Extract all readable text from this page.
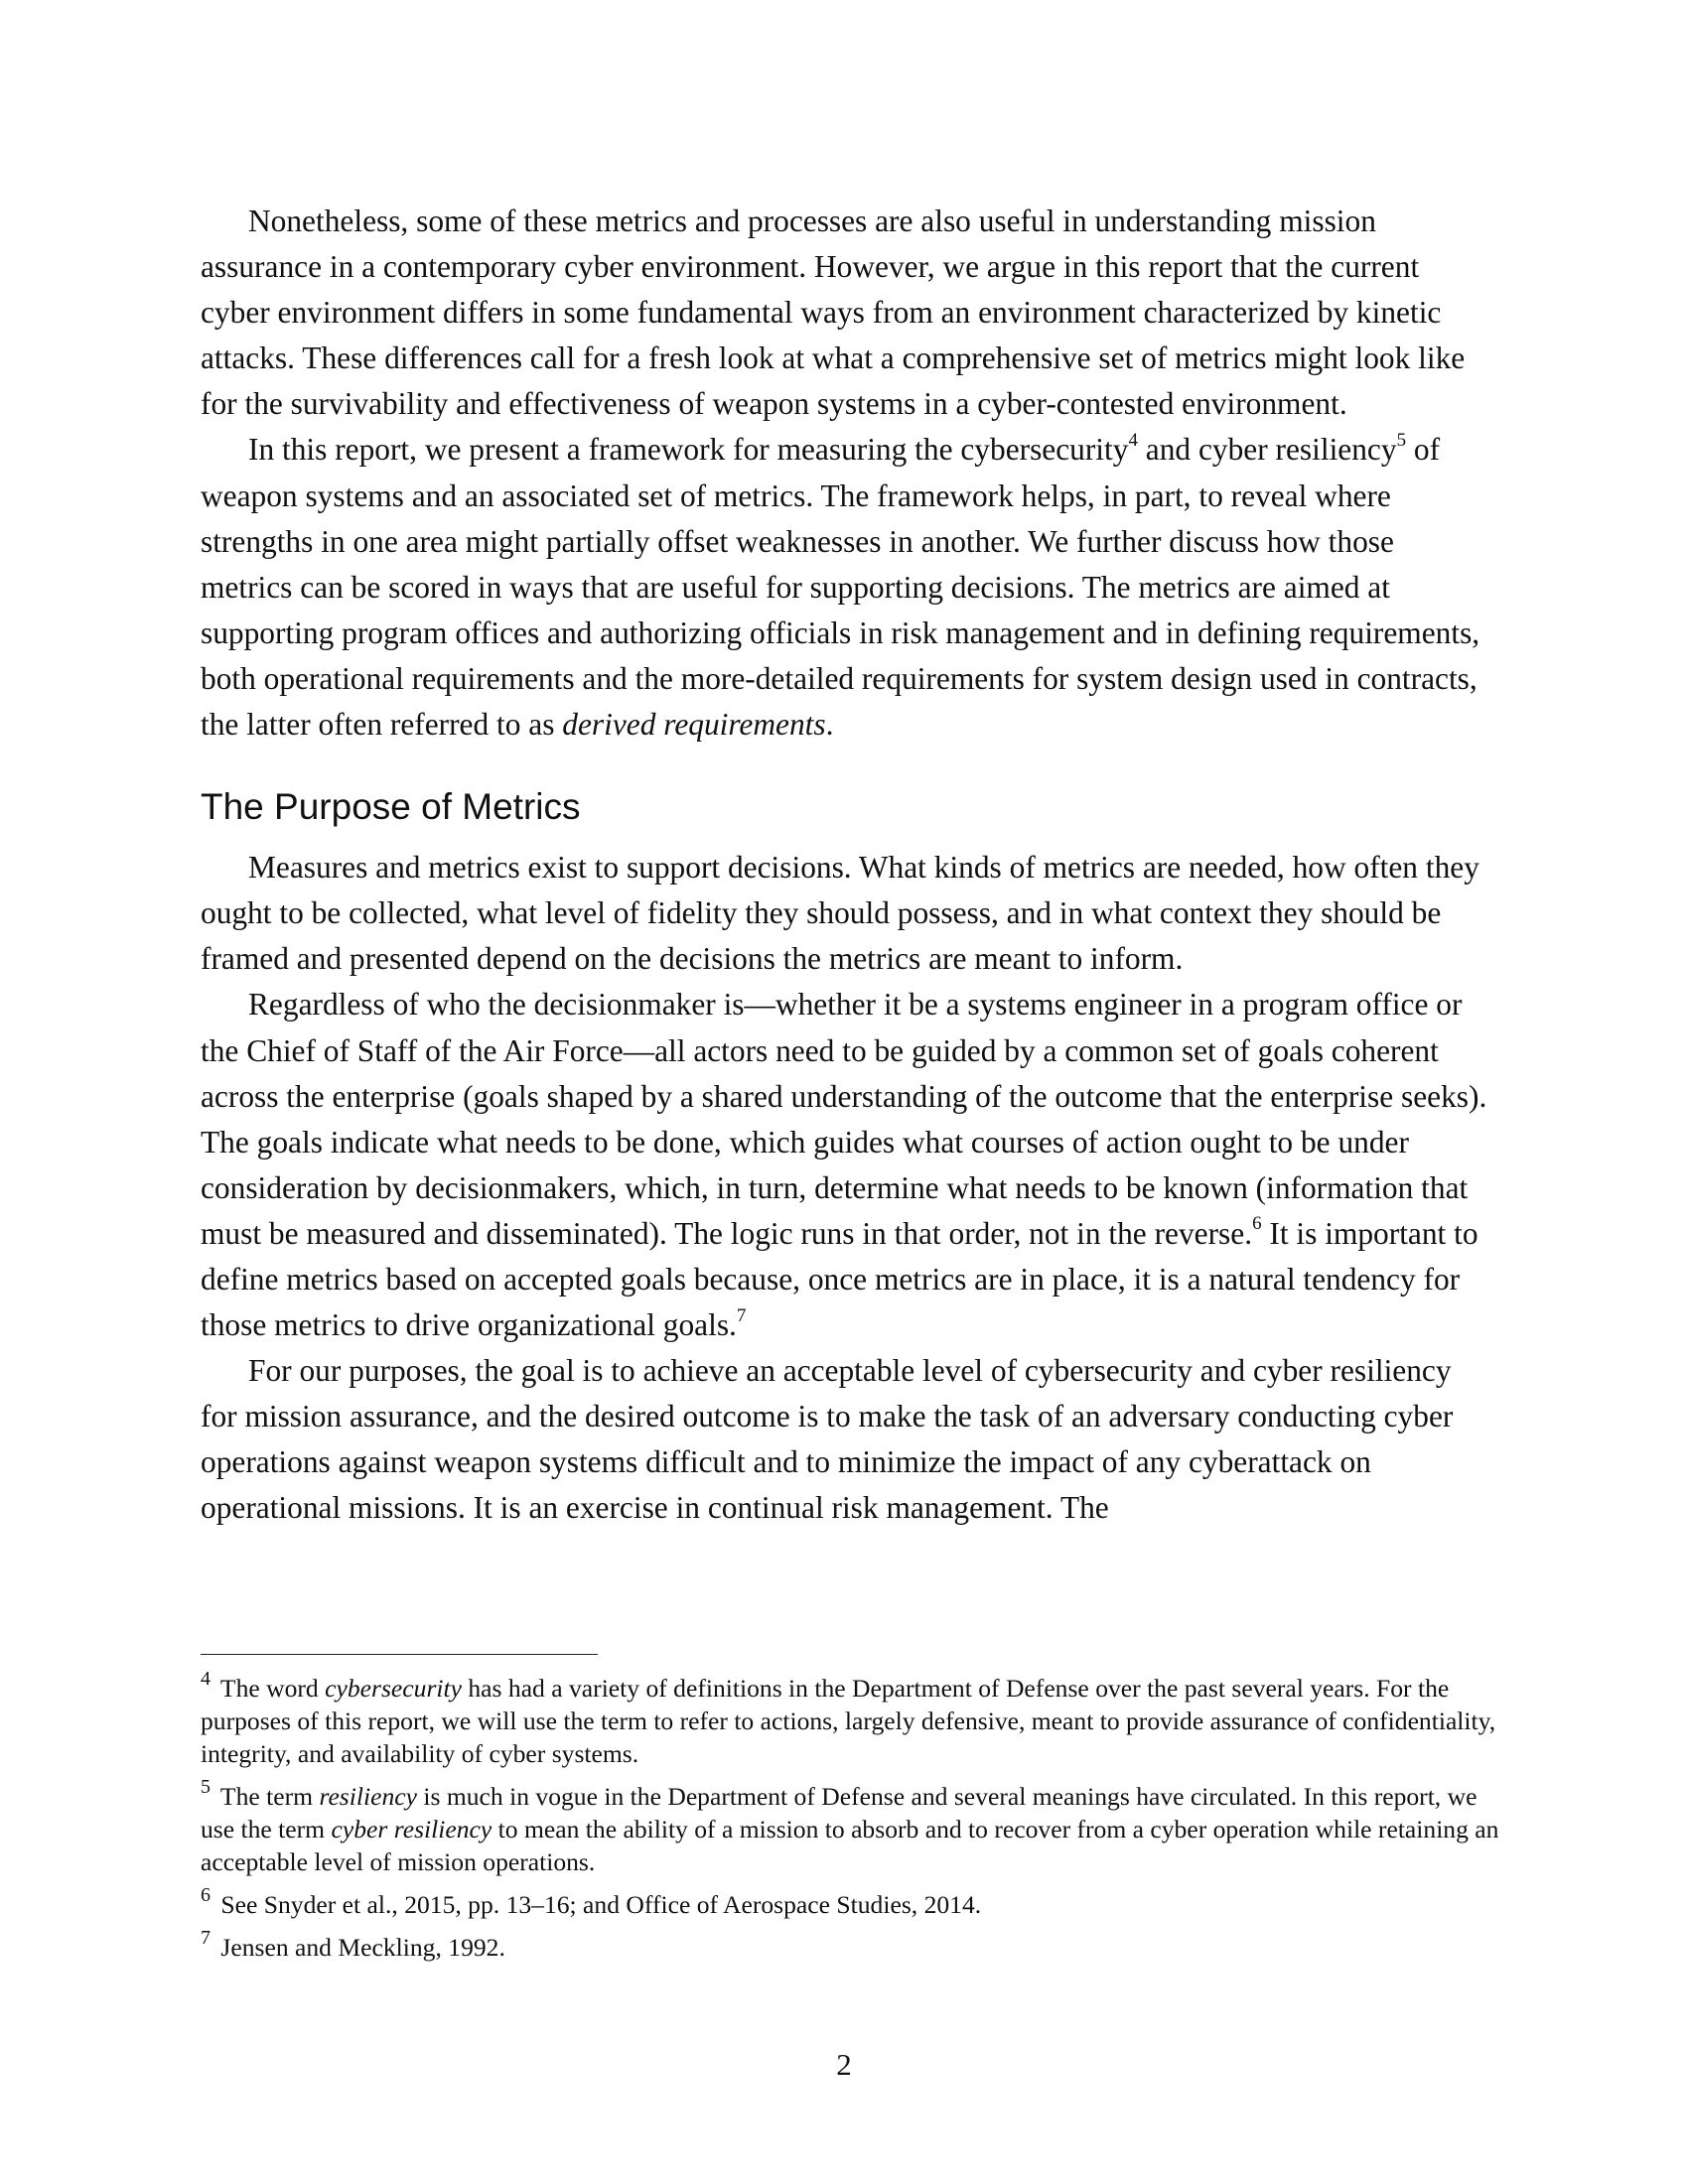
Nonetheless, some of these metrics and processes are also useful in understanding mission assurance in a contemporary cyber environment. However, we argue in this report that the current cyber environment differs in some fundamental ways from an environment characterized by kinetic attacks. These differences call for a fresh look at what a comprehensive set of metrics might look like for the survivability and effectiveness of weapon systems in a cyber-contested environment.

In this report, we present a framework for measuring the cybersecurity$^4$ and cyber resiliency$^5$ of weapon systems and an associated set of metrics. The framework helps, in part, to reveal where strengths in one area might partially offset weaknesses in another. We further discuss how those metrics can be scored in ways that are useful for supporting decisions. The metrics are aimed at supporting program offices and authorizing officials in risk management and in defining requirements, both operational requirements and the more-detailed requirements for system design used in contracts, the latter often referred to as derived requirements.

The Purpose of Metrics

Measures and metrics exist to support decisions. What kinds of metrics are needed, how often they ought to be collected, what level of fidelity they should possess, and in what context they should be framed and presented depend on the decisions the metrics are meant to inform.

Regardless of who the decisionmaker is—whether it be a systems engineer in a program office or the Chief of Staff of the Air Force—all actors need to be guided by a common set of goals coherent across the enterprise (goals shaped by a shared understanding of the outcome that the enterprise seeks). The goals indicate what needs to be done, which guides what courses of action ought to be under consideration by decisionmakers, which, in turn, determine what needs to be known (information that must be measured and disseminated). The logic runs in that order, not in the reverse.$^6$ It is important to define metrics based on accepted goals because, once metrics are in place, it is a natural tendency for those metrics to drive organizational goals.$^7$

For our purposes, the goal is to achieve an acceptable level of cybersecurity and cyber resiliency for mission assurance, and the desired outcome is to make the task of an adversary conducting cyber operations against weapon systems difficult and to minimize the impact of any cyberattack on operational missions. It is an exercise in continual risk management. The

$^4$ The word cybersecurity has had a variety of definitions in the Department of Defense over the past several years. For the purposes of this report, we will use the term to refer to actions, largely defensive, meant to provide assurance of confidentiality, integrity, and availability of cyber systems.

$^5$ The term resiliency is much in vogue in the Department of Defense and several meanings have circulated. In this report, we use the term cyber resiliency to mean the ability of a mission to absorb and to recover from a cyber operation while retaining an acceptable level of mission operations.

$^6$ See Snyder et al., 2015, pp. 13–16; and Office of Aerospace Studies, 2014.

$^7$ Jensen and Meckling, 1992.

2
